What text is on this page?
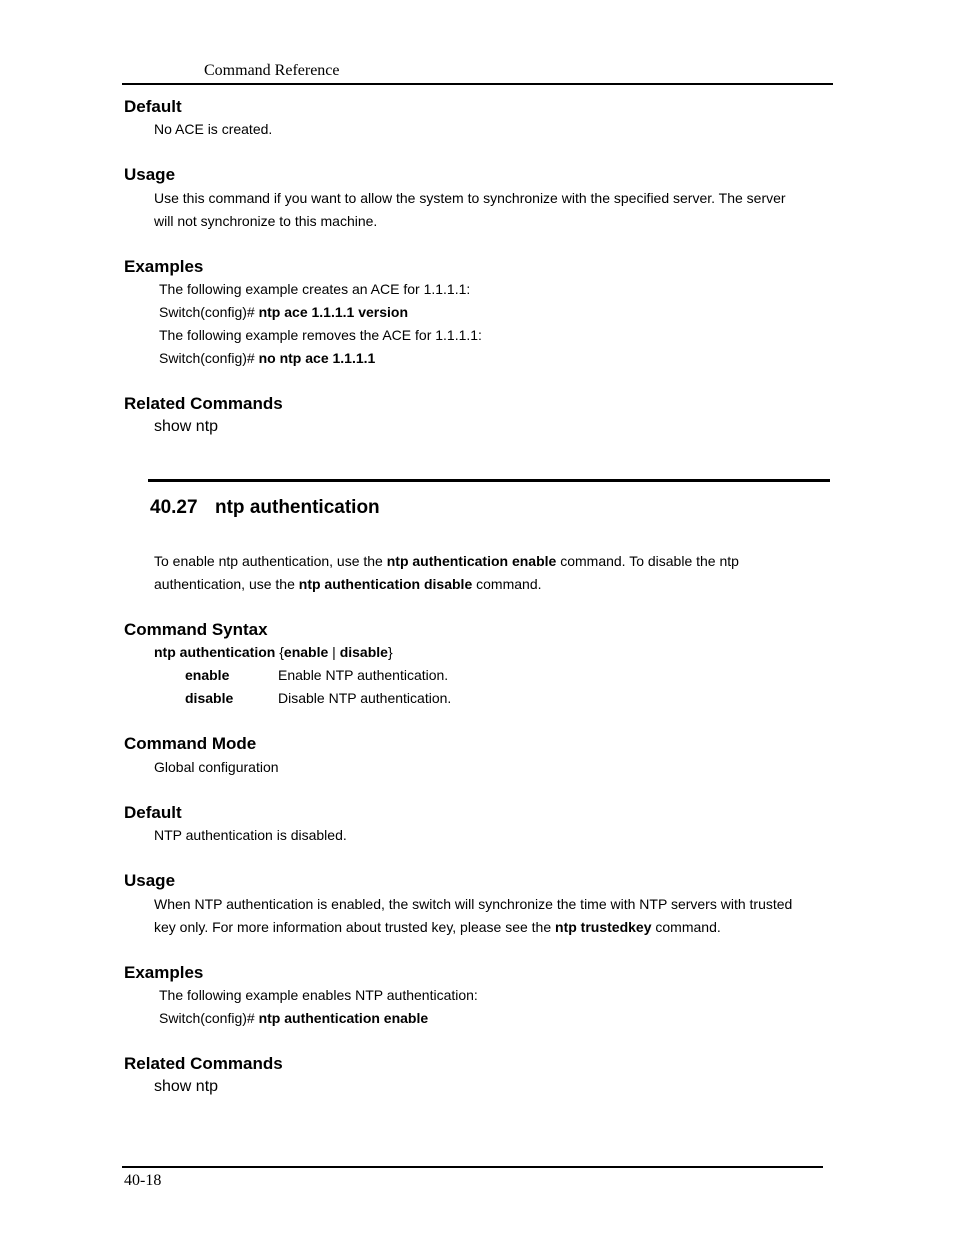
Command Reference
Default
No ACE is created.
Usage
Use this command if you want to allow the system to synchronize with the specified server. The server
will not synchronize to this machine.
Examples
The following example creates an ACE for 1.1.1.1:
Switch(config)# ntp ace 1.1.1.1 version
The following example removes the ACE for 1.1.1.1:
Switch(config)# no ntp ace 1.1.1.1
Related Commands
show ntp
40.27 ntp authentication
To enable ntp authentication, use the ntp authentication enable command. To disable the ntp
authentication, use the ntp authentication disable command.
Command Syntax
ntp authentication {enable | disable}
enable	Enable NTP authentication.
disable	Disable NTP authentication.
Command Mode
Global configuration
Default
NTP authentication is disabled.
Usage
When NTP authentication is enabled, the switch will synchronize the time with NTP servers with trusted
key only. For more information about trusted key, please see the ntp trustedkey command.
Examples
The following example enables NTP authentication:
Switch(config)# ntp authentication enable
Related Commands
show ntp
40-18
